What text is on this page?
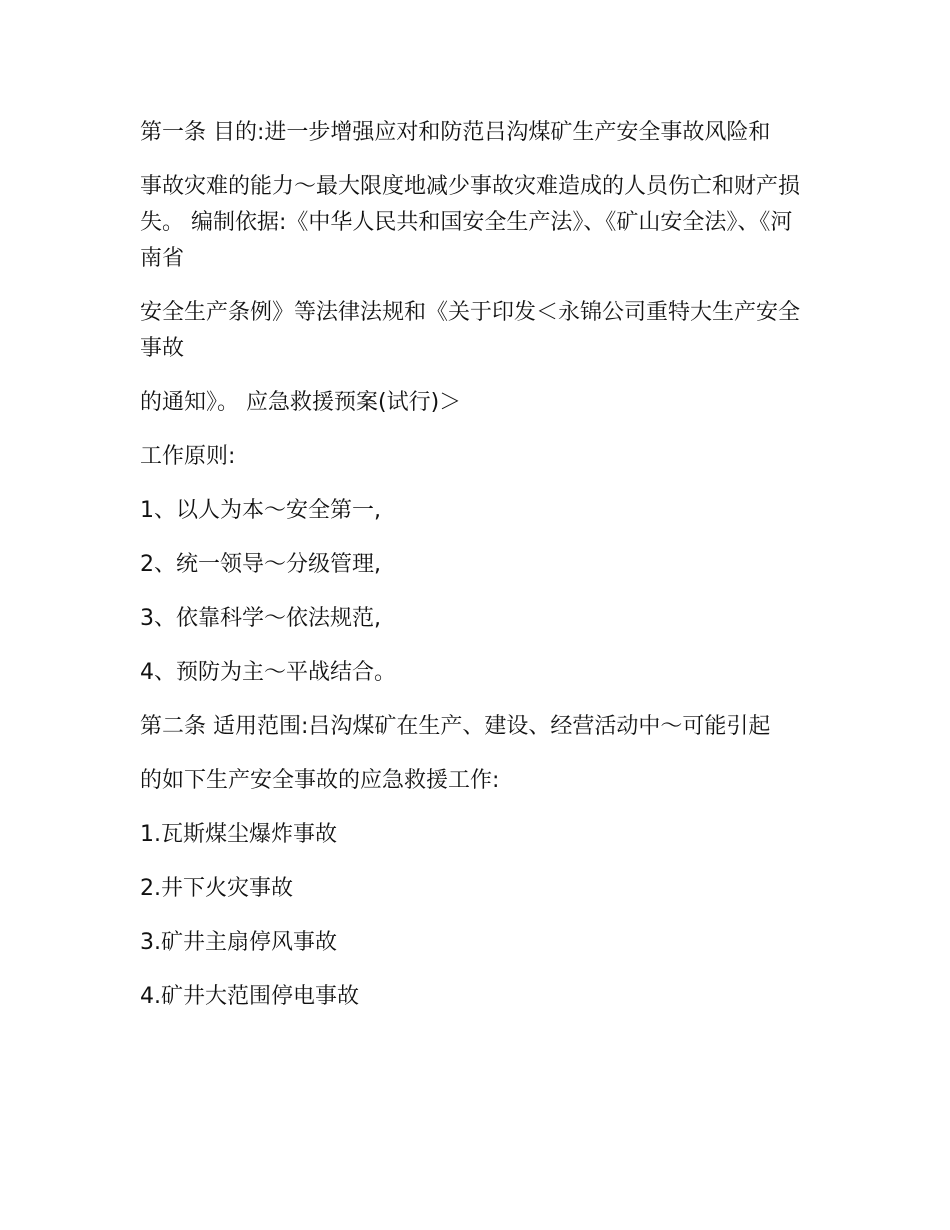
第一条 目的:进一步增强应对和防范吕沟煤矿生产安全事故风险和

事故灾难的能力～最大限度地减少事故灾难造成的人员伤亡和财产损失。 编制依据:《中华人民共和国安全生产法》、《矿山安全法》、《河南省

安全生产条例》等法律法规和《关于印发＜永锦公司重特大生产安全事故

的通知》。 应急救援预案(试行)＞

工作原则:

1、以人为本～安全第一,

2、统一领导～分级管理,

3、依靠科学～依法规范,

4、预防为主～平战结合。

第二条 适用范围:吕沟煤矿在生产、建设、经营活动中～可能引起

的如下生产安全事故的应急救援工作:

1.瓦斯煤尘爆炸事故

2.井下火灾事故

3.矿井主扇停风事故

4.矿井大范围停电事故
